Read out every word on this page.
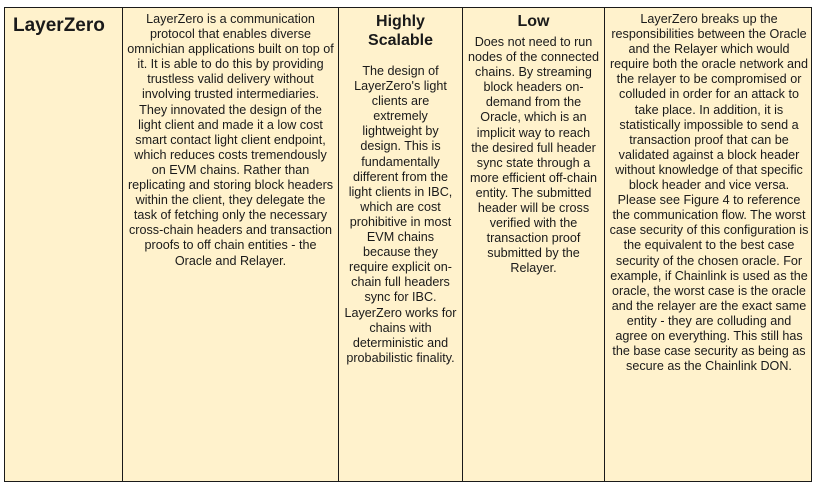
LayerZero	LayerZero is a communication protocol that enables diverse omnichian applications built on top of it. It is able to do this by providing trustless valid delivery without involving trusted intermediaries. They innovated the design of the light client and made it a low cost smart contact light client endpoint, which reduces costs tremendously on EVM chains. Rather than replicating and storing block headers within the client, they delegate the task of fetching only the necessary cross-chain headers and transaction proofs to off chain entities - the Oracle and Relayer.
Highly Scalable
The design of LayerZero's light clients are extremely lightweight by design. This is fundamentally different from the light clients in IBC, which are cost prohibitive in most EVM chains because they require explicit on-chain full headers sync for IBC. LayerZero works for chains with deterministic and probabilistic finality.
Low
Does not need to run nodes of the connected chains. By streaming block headers on-demand from the Oracle, which is an implicit way to reach the desired full header sync state through a more efficient off-chain entity. The submitted header will be cross verified with the transaction proof submitted by the Relayer.
LayerZero breaks up the responsibilities between the Oracle and the Relayer which would require both the oracle network and the relayer to be compromised or colluded in order for an attack to take place. In addition, it is statistically impossible to send a transaction proof that can be validated against a block header without knowledge of that specific block header and vice versa. Please see Figure 4 to reference the communication flow. The worst case security of this configuration is the equivalent to the best case security of the chosen oracle. For example, if Chainlink is used as the oracle, the worst case is the oracle and the relayer are the exact same entity - they are colluding and agree on everything. This still has the base case security as being as secure as the Chainlink DON.
